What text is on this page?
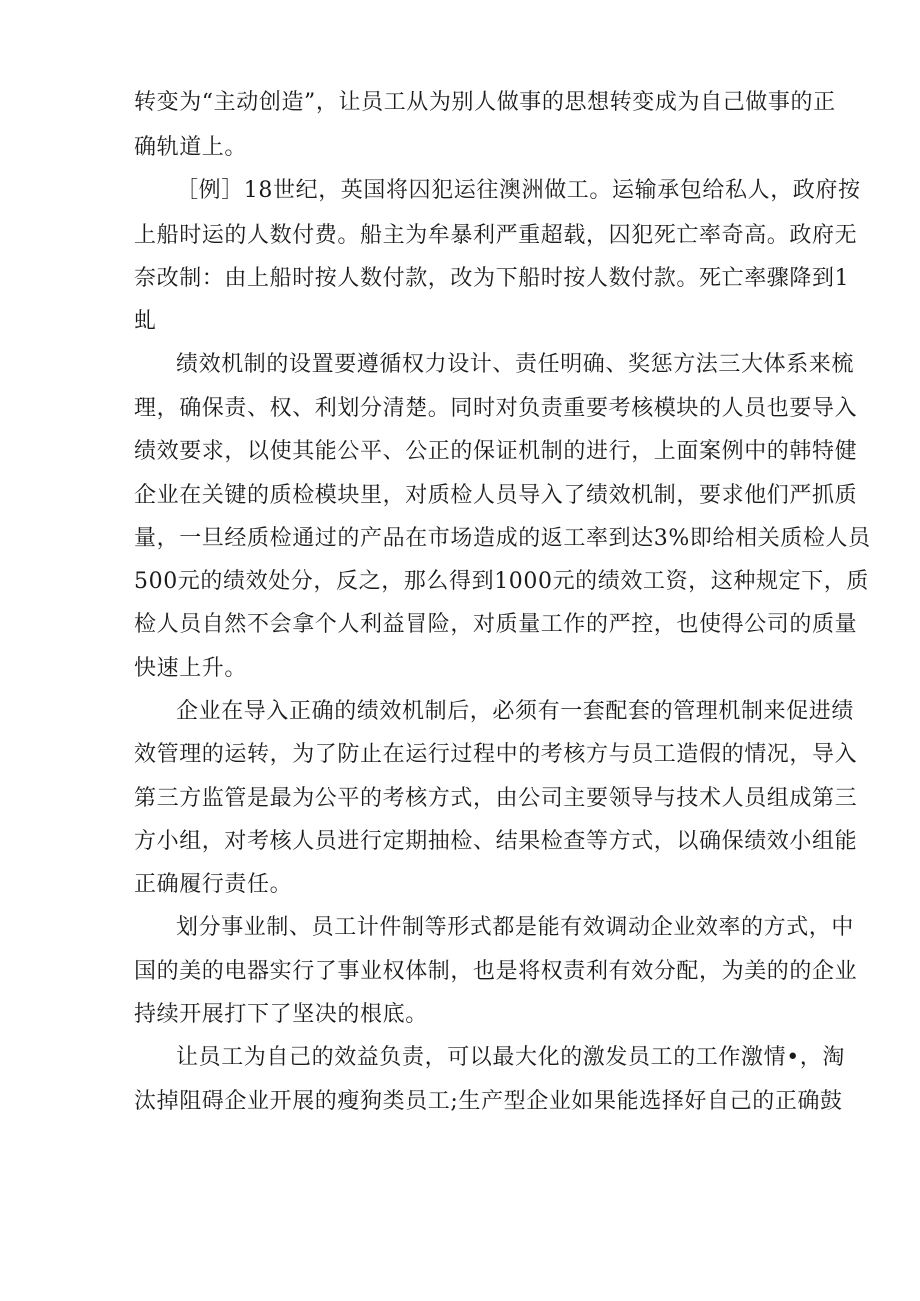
转变为“主动创造”，让员工从为别人做事的思想转变成为自己做事的正

确轨道上。

［例］18世纪，英国将囚犯运往澳洲做工。运输承包给私人，政府按

上船时运的人数付费。船主为牟暴利严重超载，囚犯死亡率奇高。政府无

奈改制：由上船时按人数付款，改为下船时按人数付款。死亡率骤降到1

虬

绩效机制的设置要遵循权力设计、责任明确、奖惩方法三大体系来梳

理，确保责、权、利划分清楚。同时对负责重要考核模块的人员也要导入

绩效要求，以使其能公平、公正的保证机制的进行，上面案例中的韩特健

企业在关键的质检模块里，对质检人员导入了绩效机制，要求他们严抓质

量，一旦经质检通过的产品在市场造成的返工率到达3%即给相关质检人员

500元的绩效处分，反之，那么得到1000元的绩效工资，这种规定下，质

检人员自然不会拿个人利益冒险，对质量工作的严控，也使得公司的质量

快速上升。

企业在导入正确的绩效机制后，必须有一套配套的管理机制来促进绩

效管理的运转，为了防止在运行过程中的考核方与员工造假的情况，导入

第三方监管是最为公平的考核方式，由公司主要领导与技术人员组成第三

方小组，对考核人员进行定期抽检、结果检查等方式，以确保绩效小组能

正确履行责任。

划分事业制、员工计件制等形式都是能有效调动企业效率的方式，中

国的美的电器实行了事业权体制，也是将权责利有效分配，为美的的企业

持续开展打下了坚决的根底。

让员工为自己的效益负责，可以最大化的激发员工的工作激情•，淘

汰掉阻碍企业开展的瘦狗类员工;生产型企业如果能选择好自己的正确鼓
